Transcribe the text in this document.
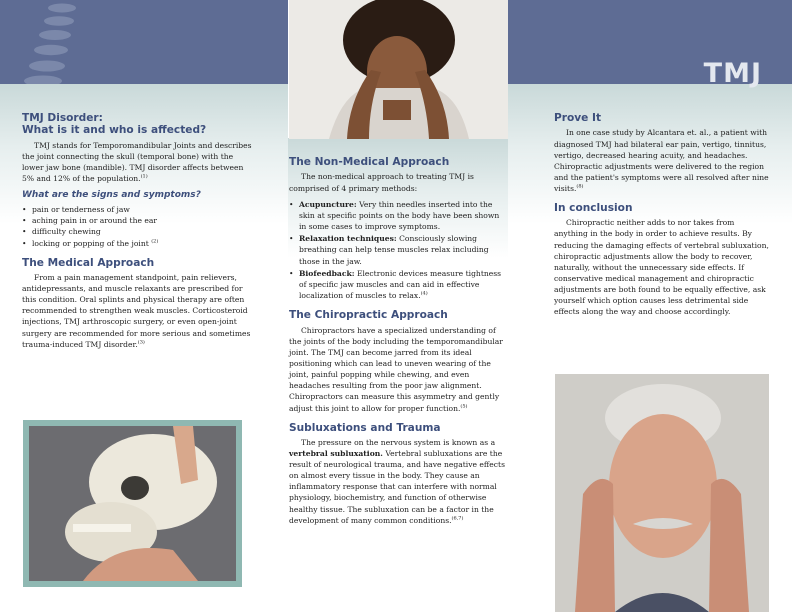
TMJ
TMJ Disorder:
What is it and who is affected?

TMJ stands for Temporomandibular Joints and describes the joint connecting the skull (temporal bone) with the lower jaw bone (mandible). TMJ disorder affects between 5% and 12% of the population.$^{(1)}$

What are the signs and symptoms?
• pain or tenderness of jaw
• aching pain in or around the ear
• difficulty chewing
• locking or popping of the joint $^{(2)}$
The Medical Approach

From a pain management standpoint, pain relievers, antidepressants, and muscle relaxants are prescribed for this condition. Oral splints and physical therapy are often recommended to strengthen weak muscles. Corticosteroid injections, TMJ arthroscopic surgery, or even open-joint surgery are recommended for more serious and sometimes trauma-induced TMJ disorder.$^{(3)}$

The Non-Medical Approach

The non-medical approach to treating TMJ is comprised of 4 primary methods:

• Acupuncture: Very thin needles inserted into the skin at specific points on the body have been shown in some cases to improve symptoms.
• Relaxation techniques: Consciously slowing breathing can help tense muscles relax including those in the jaw.
• Biofeedback: Electronic devices measure tightness of specific jaw muscles and can aid in effective localization of muscles to relax.$^{(4)}$
The Chiropractic Approach

Chiropractors have a specialized understanding of the joints of the body including the temporomandibular joint. The TMJ can become jarred from its ideal positioning which can lead to uneven wearing of the joint, painful popping while chewing, and even headaches resulting from the poor jaw alignment. Chiropractors can measure this asymmetry and gently adjust this joint to allow for proper function.$^{(5)}$

Subluxations and Trauma

The pressure on the nervous system is known as a vertebral subluxation. Vertebral subluxations are the result of neurological trauma, and have negative effects on almost every tissue in the body. They cause an inflammatory response that can interfere with normal physiology, biochemistry, and function of otherwise healthy tissue. The subluxation can be a factor in the development of many common conditions.$^{(6,7)}$

Prove It

In one case study by Alcantara et. al., a patient with diagnosed TMJ had bilateral ear pain, vertigo, tinnitus, vertigo, decreased hearing acuity, and headaches. Chiropractic adjustments were delivered to the region and the patient's symptoms were all resolved after nine visits.$^{(8)}$

In conclusion

Chiropractic neither adds to nor takes from anything in the body in order to achieve results. By reducing the damaging effects of vertebral subluxation, chiropractic adjustments allow the body to recover, naturally, without the unnecessary side effects. If conservative medical management and chiropractic adjustments are both found to be equally effective, ask yourself which option causes less detrimental side effects along the way and choose accordingly.
